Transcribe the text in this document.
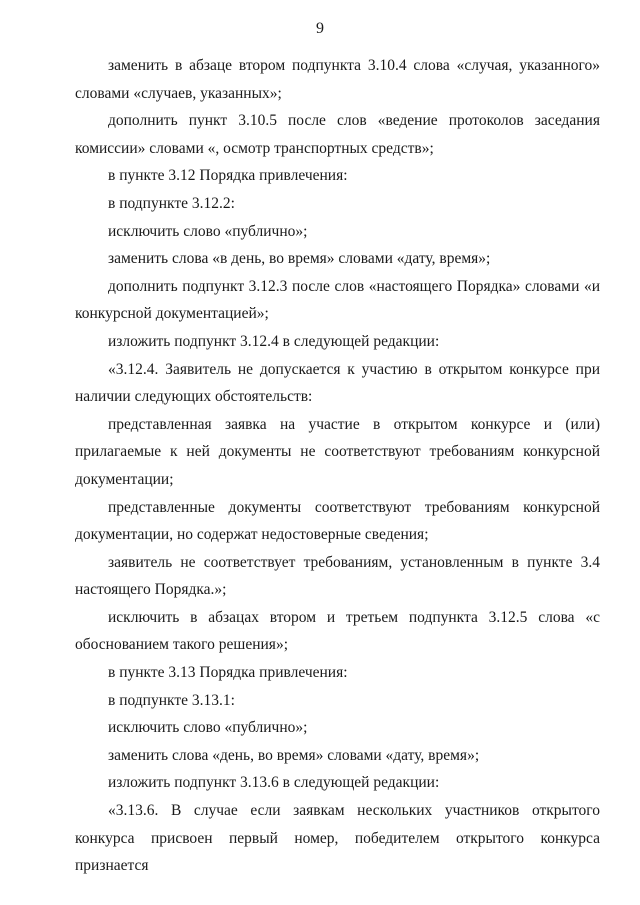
9

заменить в абзаце втором подпункта 3.10.4 слова «случая, указанного» словами «случаев, указанных»;

дополнить пункт 3.10.5 после слов «ведение протоколов заседания комиссии» словами «, осмотр транспортных средств»;

в пункте 3.12 Порядка привлечения:

в подпункте 3.12.2:

исключить слово «публично»;

заменить слова «в день, во время» словами «дату, время»;

дополнить подпункт 3.12.3 после слов «настоящего Порядка» словами «и конкурсной документацией»;

изложить подпункт 3.12.4 в следующей редакции:

«3.12.4. Заявитель не допускается к участию в открытом конкурсе при наличии следующих обстоятельств:

представленная заявка на участие в открытом конкурсе и (или) прилагаемые к ней документы не соответствуют требованиям конкурсной документации;

представленные документы соответствуют требованиям конкурсной документации, но содержат недостоверные сведения;

заявитель не соответствует требованиям, установленным в пункте 3.4 настоящего Порядка.»;

исключить в абзацах втором и третьем подпункта 3.12.5 слова «с обоснованием такого решения»;

в пункте 3.13 Порядка привлечения:

в подпункте 3.13.1:

исключить слово «публично»;

заменить слова «день, во время» словами «дату, время»;

изложить подпункт 3.13.6 в следующей редакции:

«3.13.6. В случае если заявкам нескольких участников открытого конкурса присвоен первый номер, победителем открытого конкурса признается
